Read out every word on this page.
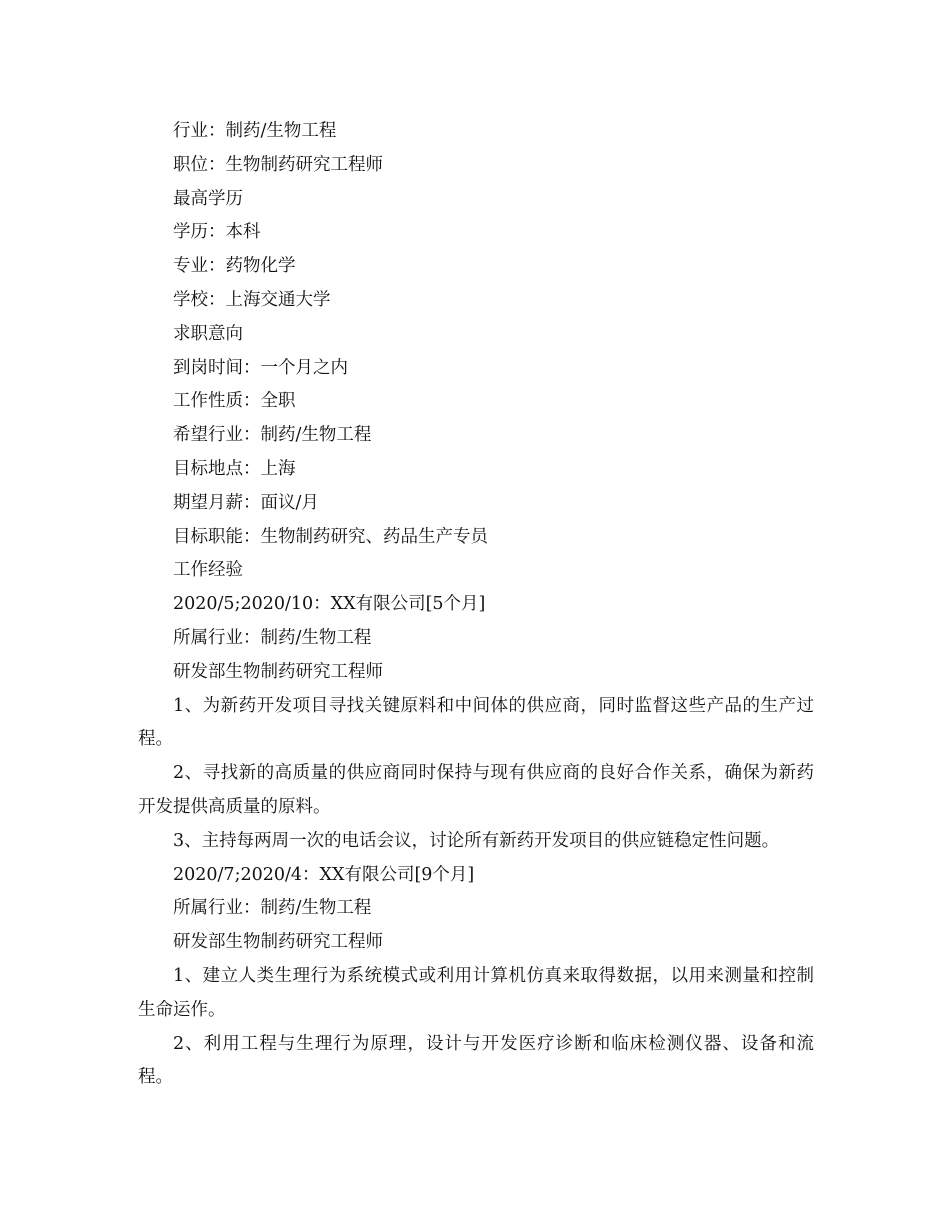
行业：制药/生物工程
职位：生物制药研究工程师
最高学历
学历：本科
专业：药物化学
学校：上海交通大学
求职意向
到岗时间：一个月之内
工作性质：全职
希望行业：制药/生物工程
目标地点：上海
期望月薪：面议/月
目标职能：生物制药研究、药品生产专员
工作经验
2020/5;2020/10：XX有限公司[5个月]
所属行业：制药/生物工程
研发部生物制药研究工程师

1、为新药开发项目寻找关键原料和中间体的供应商，同时监督这些产品的生产过程。

2、寻找新的高质量的供应商同时保持与现有供应商的良好合作关系，确保为新药开发提供高质量的原料。

3、主持每两周一次的电话会议，讨论所有新药开发项目的供应链稳定性问题。

2020/7;2020/4：XX有限公司[9个月]
所属行业：制药/生物工程
研发部生物制药研究工程师

1、建立人类生理行为系统模式或利用计算机仿真来取得数据，以用来测量和控制生命运作。

2、利用工程与生理行为原理，设计与开发医疗诊断和临床检测仪器、设备和流程。
